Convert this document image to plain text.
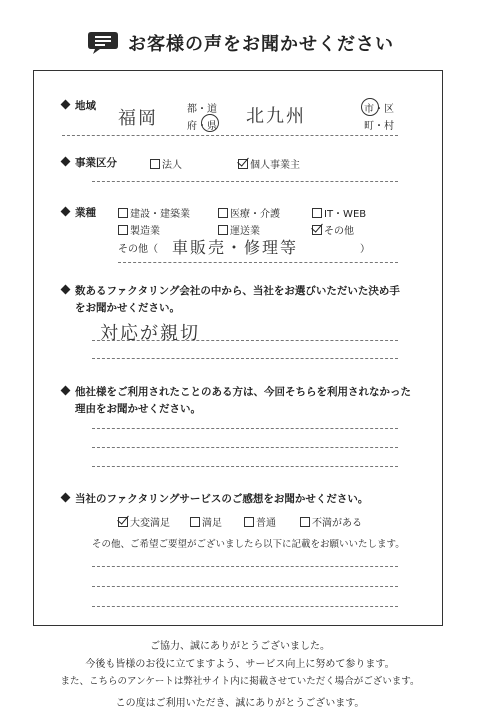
お客様の声をお聞かせください
地域
福岡	都・道
府・県 北九州	市・区
町・村
事業区分	法人	個人事業主
業種	建設・建築業	医療・介護	IT・WEB
製造業	運送業	その他
その他（ 車販売・修理等	）
数あるファクタリング会社の中から、当社をお選びいただいた決め手
をお聞かせください。
対応が親切
他社様をご利用されたことのある方は、今回そちらを利用されなかった
理由をお聞かせください。
当社のファクタリングサービスのご感想をお聞かせください。
大変満足	満足	普通	不満がある
その他、ご希望ご要望がございましたら以下に記載をお願いいたします。
ご協力、誠にありがとうございました。
今後も皆様のお役に立てますよう、サービス向上に努めて参ります。
また、こちらのアンケートは弊社サイト内に掲載させていただく場合がございます。
この度はご利用いただき、誠にありがとうございます。
